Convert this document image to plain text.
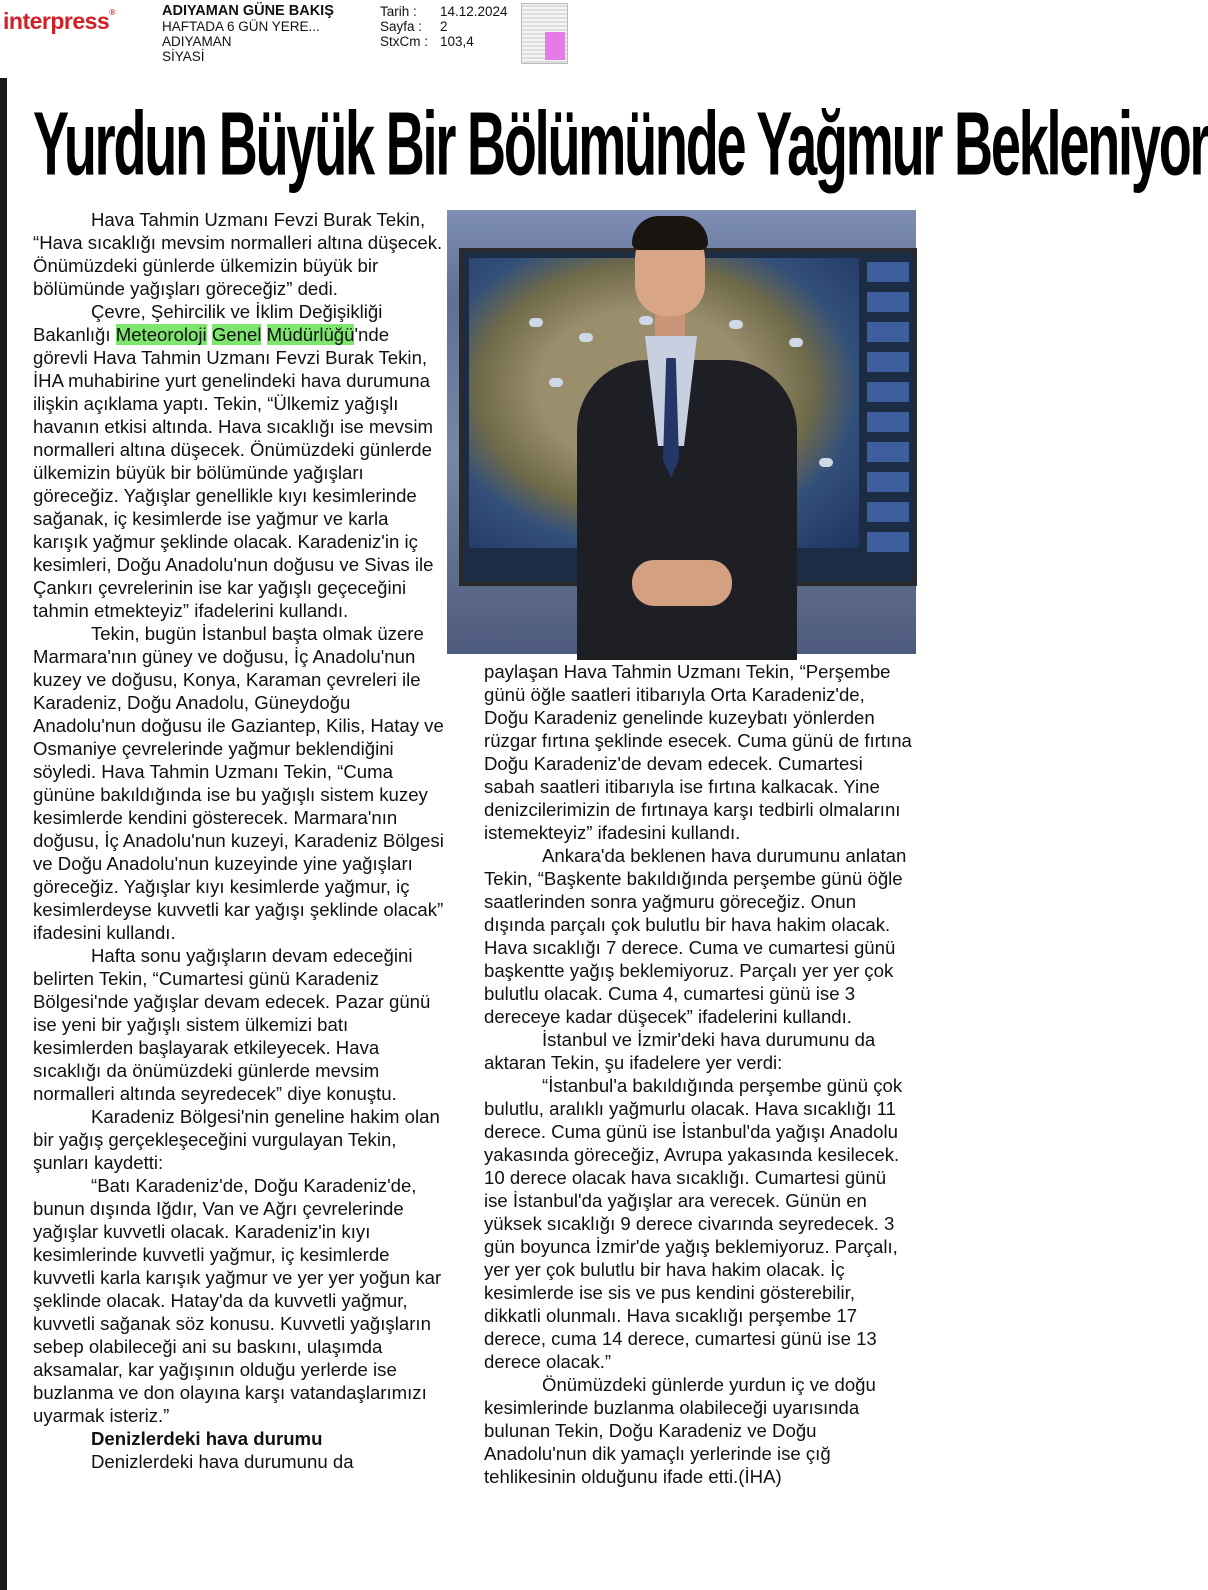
interpress®	ADIYAMAN GÜNE BAKIŞ
HAFTADA 6 GÜN YERE...
ADIYAMAN
SİYASİ
Tarih :	14.12.2024
Sayfa :	2
StxCm : 103,4
Yurdun Büyük Bir Bölümünde Yağmur Bekleniyor

Hava Tahmin Uzmanı Fevzi Burak Tekin, “Hava sıcaklığı mevsim normalleri altına düşecek. Önümüzdeki günlerde ülkemizin büyük bir bölümünde yağışları göreceğiz” dedi.

Çevre, Şehircilik ve İklim Değişikliği Bakanlığı Meteoroloji Genel Müdürlüğü'nde görevli Hava Tahmin Uzmanı Fevzi Burak Tekin, İHA muhabirine yurt genelindeki hava durumuna ilişkin açıklama yaptı. Tekin, “Ülkemiz yağışlı havanın etkisi altında. Hava sıcaklığı ise mevsim normalleri altına düşecek. Önümüzdeki günlerde ülkemizin büyük bir bölümünde yağışları göreceğiz. Yağışlar genellikle kıyı kesimlerinde sağanak, iç kesimlerde ise yağmur ve karla karışık yağmur şeklinde olacak. Karadeniz'in iç kesimleri, Doğu Anadolu'nun doğusu ve Sivas ile Çankırı çevrelerinin ise kar yağışlı geçeceğini tahmin etmekteyiz” ifadelerini kullandı.

Tekin, bugün İstanbul başta olmak üzere Marmara'nın güney ve doğusu, İç Anadolu'nun kuzey ve doğusu, Konya, Karaman çevreleri ile Karadeniz, Doğu Anadolu, Güneydoğu Anadolu'nun doğusu ile Gaziantep, Kilis, Hatay ve Osmaniye çevrelerinde yağmur beklendiğini söyledi. Hava Tahmin Uzmanı Tekin, “Cuma gününe bakıldığında ise bu yağışlı sistem kuzey kesimlerde kendini gösterecek. Marmara'nın doğusu, İç Anadolu'nun kuzeyi, Karadeniz Bölgesi ve Doğu Anadolu'nun kuzeyinde yine yağışları göreceğiz. Yağışlar kıyı kesimlerde yağmur, iç kesimlerdeyse kuvvetli kar yağışı şeklinde olacak” ifadesini kullandı.

Hafta sonu yağışların devam edeceğini belirten Tekin, “Cumartesi günü Karadeniz Bölgesi'nde yağışlar devam edecek. Pazar günü ise yeni bir yağışlı sistem ülkemizi batı kesimlerden başlayarak etkileyecek. Hava sıcaklığı da önümüzdeki günlerde mevsim normalleri altında seyredecek” diye konuştu.

Karadeniz Bölgesi'nin geneline hakim olan bir yağış gerçekleşeceğini vurgulayan Tekin, şunları kaydetti:

“Batı Karadeniz'de, Doğu Karadeniz'de, bunun dışında Iğdır, Van ve Ağrı çevrelerinde yağışlar kuvvetli olacak. Karadeniz'in kıyı kesimlerinde kuvvetli yağmur, iç kesimlerde kuvvetli karla karışık yağmur ve yer yer yoğun kar şeklinde olacak. Hatay'da da kuvvetli yağmur, kuvvetli sağanak söz konusu. Kuvvetli yağışların sebep olabileceği ani su baskını, ulaşımda aksamalar, kar yağışının olduğu yerlerde ise buzlanma ve don olayına karşı vatandaşlarımızı uyarmak isteriz.”

Denizlerdeki hava durumu

Denizlerdeki hava durumunu da

paylaşan Hava Tahmin Uzmanı Tekin, “Perşembe günü öğle saatleri itibarıyla Orta Karadeniz'de, Doğu Karadeniz genelinde kuzeybatı yönlerden rüzgar fırtına şeklinde esecek. Cuma günü de fırtına Doğu Karadeniz'de devam edecek. Cumartesi sabah saatleri itibarıyla ise fırtına kalkacak. Yine denizcilerimizin de fırtınaya karşı tedbirli olmalarını istemekteyiz” ifadesini kullandı.

Ankara'da beklenen hava durumunu anlatan Tekin, “Başkente bakıldığında perşembe günü öğle saatlerinden sonra yağmuru göreceğiz. Onun dışında parçalı çok bulutlu bir hava hakim olacak. Hava sıcaklığı 7 derece. Cuma ve cumartesi günü başkentte yağış beklemiyoruz. Parçalı yer yer çok bulutlu olacak. Cuma 4, cumartesi günü ise 3 dereceye kadar düşecek” ifadelerini kullandı.

İstanbul ve İzmir'deki hava durumunu da aktaran Tekin, şu ifadelere yer verdi:

“İstanbul'a bakıldığında perşembe günü çok bulutlu, aralıklı yağmurlu olacak. Hava sıcaklığı 11 derece. Cuma günü ise İstanbul'da yağışı Anadolu yakasında göreceğiz, Avrupa yakasında kesilecek. 10 derece olacak hava sıcaklığı. Cumartesi günü ise İstanbul'da yağışlar ara verecek. Günün en yüksek sıcaklığı 9 derece civarında seyredecek. 3 gün boyunca İzmir'de yağış beklemiyoruz. Parçalı, yer yer çok bulutlu bir hava hakim olacak. İç kesimlerde ise sis ve pus kendini gösterebilir, dikkatli olunmalı. Hava sıcaklığı perşembe 17 derece, cuma 14 derece, cumartesi günü ise 13 derece olacak.”

Önümüzdeki günlerde yurdun iç ve doğu kesimlerinde buzlanma olabileceği uyarısında bulunan Tekin, Doğu Karadeniz ve Doğu Anadolu'nun dik yamaçlı yerlerinde ise çığ tehlikesinin olduğunu ifade etti.(İHA)
